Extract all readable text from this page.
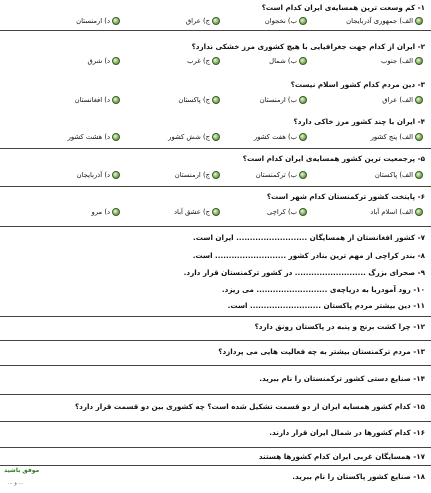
۱- کم وسعت ترین همسایه‌ی ایران کدام است؟
الف) جمهوری آذربایجان
ب) نخجوان
ج) عراق
د) ارمنستان
۲- ایران از کدام جهت جغرافیایی با هیچ کشوری مرز خشکی ندارد؟
الف) جنوب
ب) شمال
ج) غرب
د) شرق
۳- دین مردم کدام کشور اسلام نیست؟
الف) عراق
ب) ارمنستان
ج) پاکستان
د) افغانستان
۴- ایران با چند کشور مرز خاکی دارد؟
الف) پنج کشور
ب) هفت کشور
ج) شش کشور
د) هشت کشور
۵- پرجمعیت ترین کشور همسایه‌ی ایران کدام است؟
الف) پاکستان
ب) ترکمنستان
ج) ارمنستان
د) آذربایجان
۶- پایتخت کشور ترکمنستان کدام شهر است؟
الف) اسلام آباد
ب) کراچی
ج) عشق آباد
د) مرو
۷- کشور افغانستان از همسایگان .......................... ایران است.
۸- بندر کراچی از مهم ترین بنادر کشور .......................... است.
۹- صحرای بزرگ .......................... در کشور ترکمنستان قرار دارد.
۱۰- رود آمودریا به دریاچه‌ی .......................... می ریزد.
۱۱- دین بیشتر مردم پاکستان .......................... است.
۱۲- چرا کشت برنج و پنبه در پاکستان رونق دارد؟
۱۳- مردم ترکمنستان بیشتر به چه فعالیت هایی می پردازد؟
۱۴- صنایع دستی کشور ترکمنستان را نام ببرید.
۱۵- کدام کشور همسایه ایران از دو قسمت تشکیل شده است؟ چه کشوری بین دو قسمت قرار دارد؟
۱۶- کدام کشورها در شمال ایران قرار دارند.
۱۷- همسایگان غربی ایران کدام کشورها هستند
۱۸- صنایع کشور پاکستان را نام ببرید.
موفق باشید
... و ...
